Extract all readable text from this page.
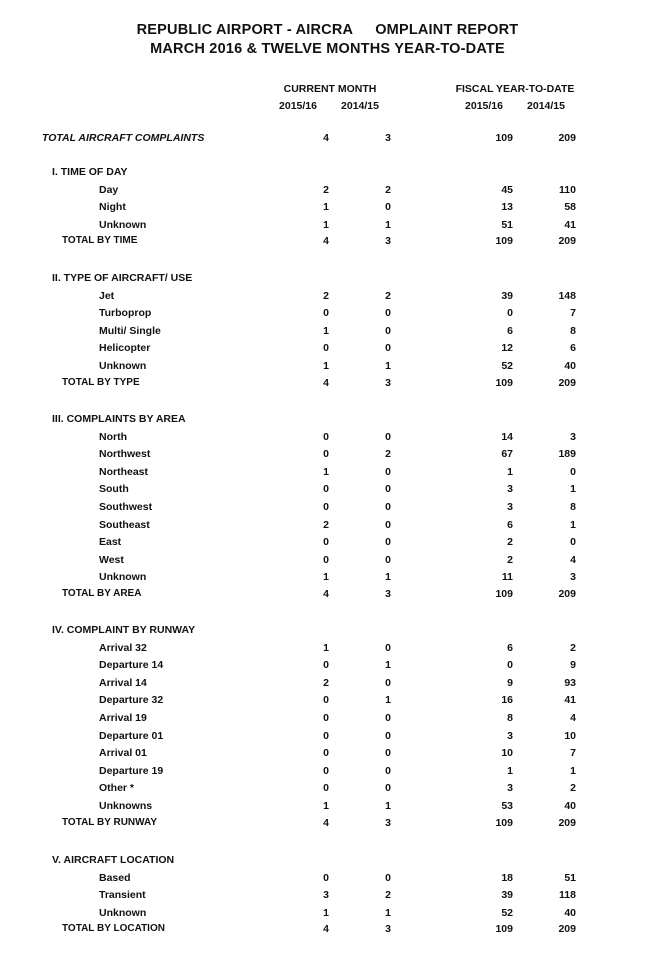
REPUBLIC AIRPORT - AIRCRA OMPLAINT REPORT
MARCH 2016 & TWELVE MONTHS YEAR-TO-DATE
CURRENT MONTH	FISCAL YEAR-TO-DATE
2015/16	2014/15	2015/16	2014/15
TOTAL AIRCRAFT COMPLAINTS	4	3	109	209
I. TIME OF DAY
Day	2	2	45	110
Night	1	0	13	58
Unknown	1	1	51	41
TOTAL BY TIME	4	3	109	209
II. TYPE OF AIRCRAFT/ USE
Jet	2	2	39	148
Turboprop	0	0	0	7
Multi/ Single	1	0	6	8
Helicopter	0	0	12	6
Unknown	1	1	52	40
TOTAL BY TYPE	4	3	109	209
III. COMPLAINTS BY AREA
North	0	0	14	3
Northwest	0	2	67	189
Northeast	1	0	1	0
South	0	0	3	1
Southwest	0	0	3	8
Southeast	2	0	6	1
East	0	0	2	0
West	0	0	2	4
Unknown	1	1	11	3
TOTAL BY AREA	4	3	109	209
IV. COMPLAINT BY RUNWAY
Arrival 32	1	0	6	2
Departure 14	0	1	0	9
Arrival 14	2	0	9	93
Departure 32	0	1	16	41
Arrival 19	0	0	8	4
Departure 01	0	0	3	10
Arrival 01	0	0	10	7
Departure 19	0	0	1	1
Other *	0	0	3	2
Unknowns	1	1	53	40
TOTAL BY RUNWAY	4	3	109	209
V. AIRCRAFT LOCATION
Based	0	0	18	51
Transient	3	2	39	118
Unknown	1	1	52	40
TOTAL BY LOCATION	4	3	109	209
